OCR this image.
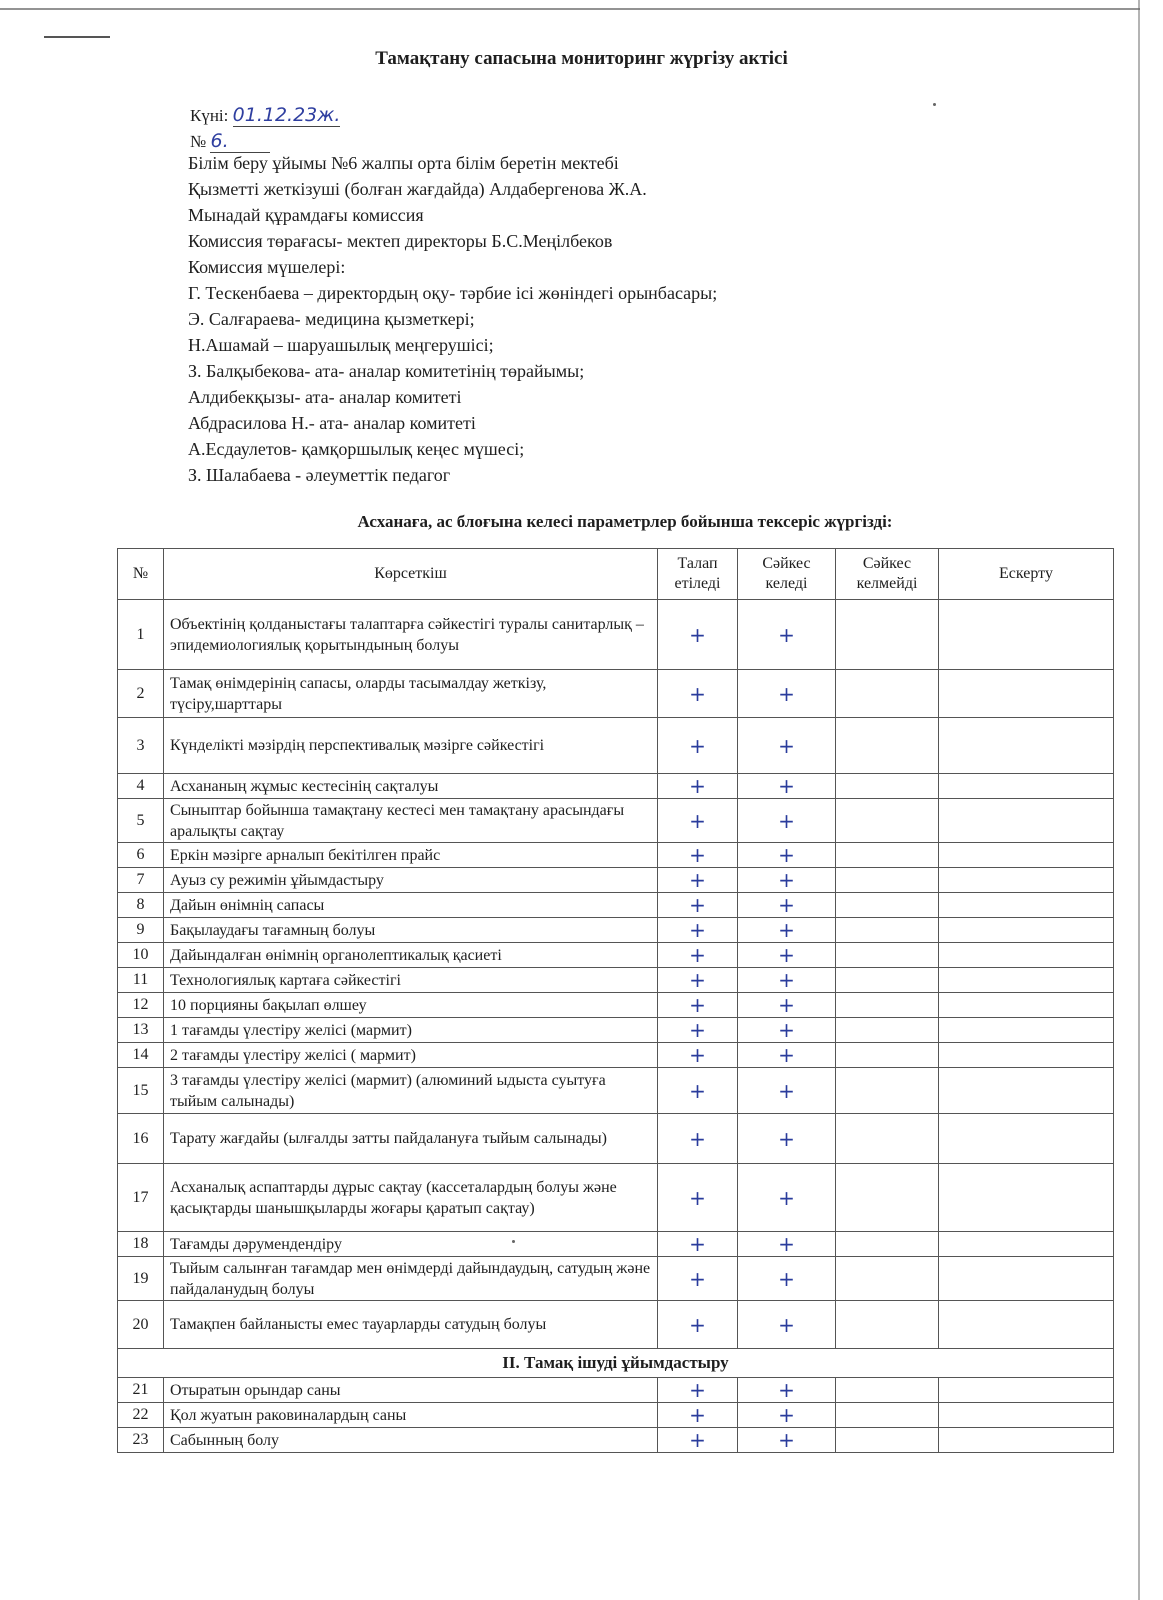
Тамақтану сапасына мониторинг жүргізу актісі
Күні: 01.12.23ж.
№ 6.
Білім беру ұйымы №6 жалпы орта білім беретін мектебі
Қызметті жеткізуші (болған жағдайда) Алдабергенова Ж.А.
Мынадай құрамдағы комиссия
Комиссия төрағасы- мектеп директоры Б.С.Меңілбеков
Комиссия мүшелері:
Г. Тескенбаева – директордың оқу- тәрбие ісі жөніндегі орынбасары;
Э. Салғараева- медицина қызметкері;
Н.Ашамай – шаруашылық меңгерушісі;
З. Балқыбекова- ата- аналар комитетінің төрайымы;
Алдибекқызы- ата- аналар комитеті
Абдрасилова Н.- ата- аналар комитеті
А.Есдаулетов- қамқоршылық кеңес мүшесі;
З. Шалабаева - әлеуметтік педагог
Асханаға, ас блоғына келесі параметрлер бойынша тексеріс жүргізді:
№	Көрсеткіш	Талап етіледі	Сәйкес келеді	Сәйкес келмейді	Ескерту
1	Объектінің қолданыстағы талаптарға сәйкестігі туралы санитарлық – эпидемиологиялық қорытындының болуы	+	+		
2	Тамақ өнімдерінің сапасы, оларды тасымалдау жеткізу, түсіру,шарттары	+	+		
3	Күнделікті мәзірдің перспективалық мәзірге сәйкестігі	+	+		
4	Асхананың жұмыс кестесінің сақталуы	+	+		
5	Сыныптар бойынша тамақтану кестесі мен тамақтану арасындағы аралықты сақтау	+	+		
6	Еркін мәзірге арналып бекітілген прайс	+	+		
7	Ауыз су режимін ұйымдастыру	+	+		
8	Дайын өнімнің сапасы	+	+		
9	Бақылаудағы тағамның болуы	+	+		
10	Дайындалған өнімнің органолептикалық қасиеті	+	+		
11	Технологиялық картаға сәйкестігі	+	+		
12	10 порцияны бақылап өлшеу	+	+		
13	1 тағамды үлестіру желісі (мармит)	+	+		
14	2 тағамды үлестіру желісі ( мармит)	+	+		
15	3 тағамды үлестіру желісі (мармит) (алюминий ыдыста суытуға тыйым салынады)	+	+		
16	Тарату жағдайы (ылғалды затты пайдалануға тыйым салынады)	+	+		
17	Асханалық аспаптарды дұрыс сақтау (кассеталардың болуы және қасықтарды шанышқыларды жоғары қаратып сақтау)	+	+		
18	Тағамды дәрумендендіру	+	+		
19	Тыйым салынған тағамдар мен өнімдерді дайындаудың, сатудың және пайдаланудың болуы	+	+		
20	Тамақпен байланысты емес тауарларды сатудың болуы	+	+		
ІІ. Тамақ ішуді ұйымдастыру					
21	Отыратын орындар саны	+	+		
22	Қол жуатын раковиналардың саны	+	+		
23	Сабынның болу	+	+		
